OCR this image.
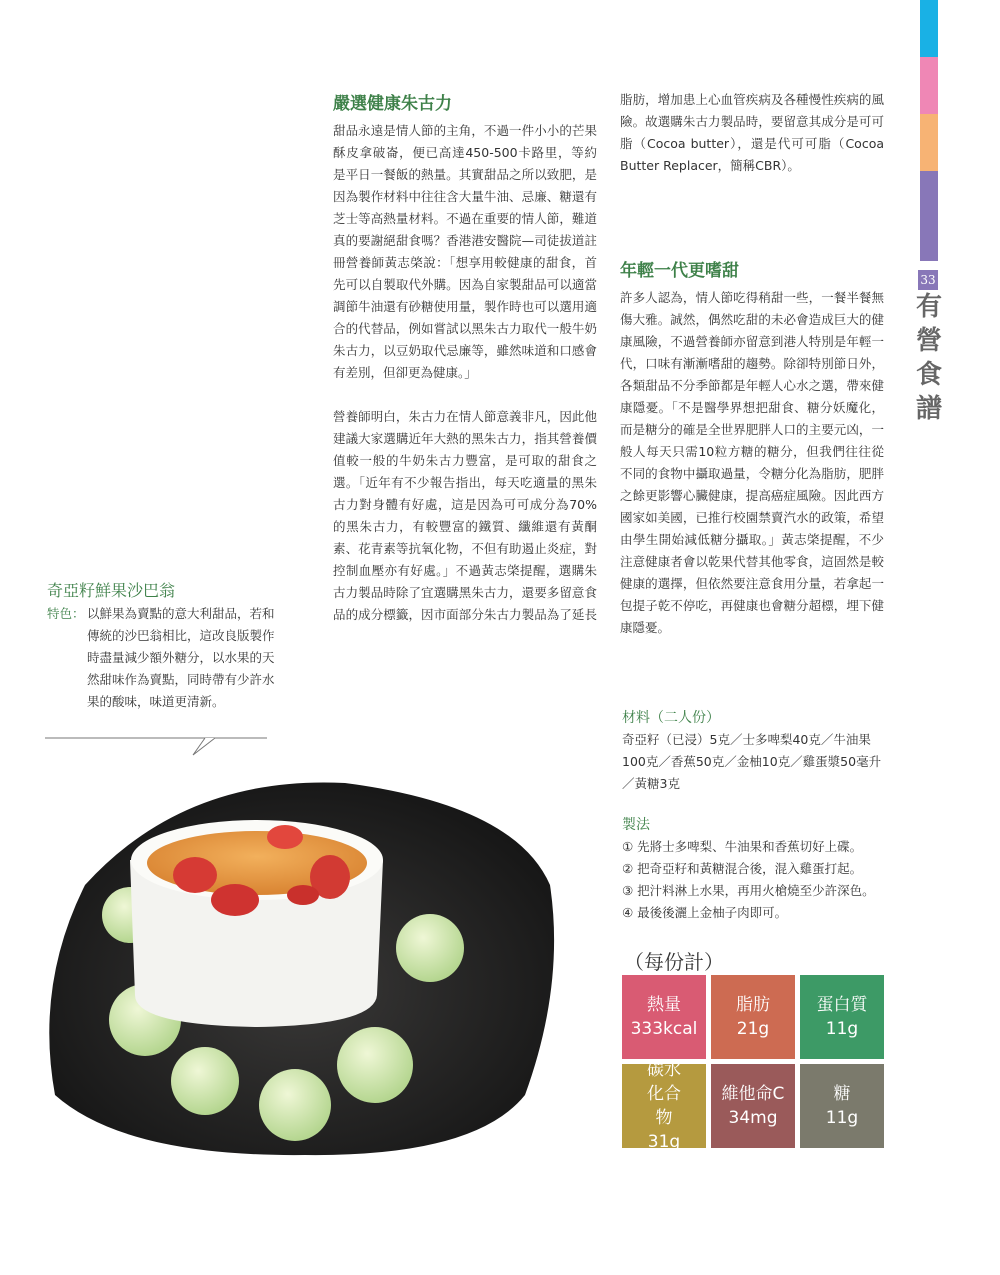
33
有
營
食
譜
嚴選健康朱古力

甜品永遠是情人節的主角，不過一件小小的芒果酥皮拿破崙，便已高達450-500卡路里，等約是平日一餐飯的熱量。其實甜品之所以致肥，是因為製作材料中往往含大量牛油、忌廉、糖還有芝士等高熱量材料。不過在重要的情人節，難道真的要謝絕甜食嗎？香港港安醫院—司徒拔道註冊營養師黃志棨說：「想享用較健康的甜食，首先可以自製取代外購。因為自家製甜品可以適當調節牛油還有砂糖使用量，製作時也可以選用適合的代替品，例如嘗試以黑朱古力取代一般牛奶朱古力，以豆奶取代忌廉等，雖然味道和口感會有差別，但卻更為健康。」

營養師明白，朱古力在情人節意義非凡，因此他建議大家選購近年大熱的黑朱古力，指其營養價值較一般的牛奶朱古力豐富，是可取的甜食之選。「近年有不少報告指出，每天吃適量的黑朱古力對身體有好處，這是因為可可成分為70%的黑朱古力，有較豐富的鐵質、纖維還有黃酮素、花青素等抗氧化物，不但有助遏止炎症，對控制血壓亦有好處。」不過黃志棨提醒，選購朱古力製品時除了宜選購黑朱古力，還要多留意食品的成分標籤，因市面部分朱古力製品為了延長

脂肪，增加患上心血管疾病及各種慢性疾病的風險。故選購朱古力製品時，要留意其成分是可可脂（Cocoa butter），還是代可可脂（Cocoa Butter Replacer，簡稱CBR）。

年輕一代更嗜甜

許多人認為，情人節吃得稍甜一些，一餐半餐無傷大雅。誠然，偶然吃甜的未必會造成巨大的健康風險，不過營養師亦留意到港人特別是年輕一代，口味有漸漸嗜甜的趨勢。除卻特別節日外，各類甜品不分季節都是年輕人心水之選，帶來健康隱憂。「不是醫學界想把甜食、糖分妖魔化，而是糖分的確是全世界肥胖人口的主要元凶，一般人每天只需10粒方糖的糖分，但我們往往從不同的食物中攝取過量，令糖分化為脂肪，肥胖之餘更影響心臟健康，提高癌症風險。因此西方國家如美國，已推行校園禁賣汽水的政策，希望由學生開始減低糖分攝取。」黃志棨提醒，不少注意健康者會以乾果代替其他零食，這固然是較健康的選擇，但依然要注意食用分量，若拿起一包提子乾不停吃，再健康也會糖分超標，埋下健康隱憂。

奇亞籽鮮果沙巴翁
特色： 以鮮果為賣點的意大利甜品，若和傳統的沙巴翁相比，這改良版製作時盡量減少額外糖分，以水果的天然甜味作為賣點，同時帶有少許水果的酸味，味道更清新。
材料（二人份）
奇亞籽（已浸）5克／士多啤梨40克／牛油果100克／香蕉50克／金柚10克／雞蛋漿50毫升／黃糖3克
製法
① 先將士多啤梨、牛油果和香蕉切好上碟。
② 把奇亞籽和黃糖混合後，混入雞蛋打起。
③ 把汁料淋上水果，再用火槍燒至少許深色。
④ 最後後灑上金柚子肉即可。
（每份計）
熱量
333kcal
脂肪
21g
蛋白質
11g
碳水化合物
31g
維他命C
34mg
糖
11g
